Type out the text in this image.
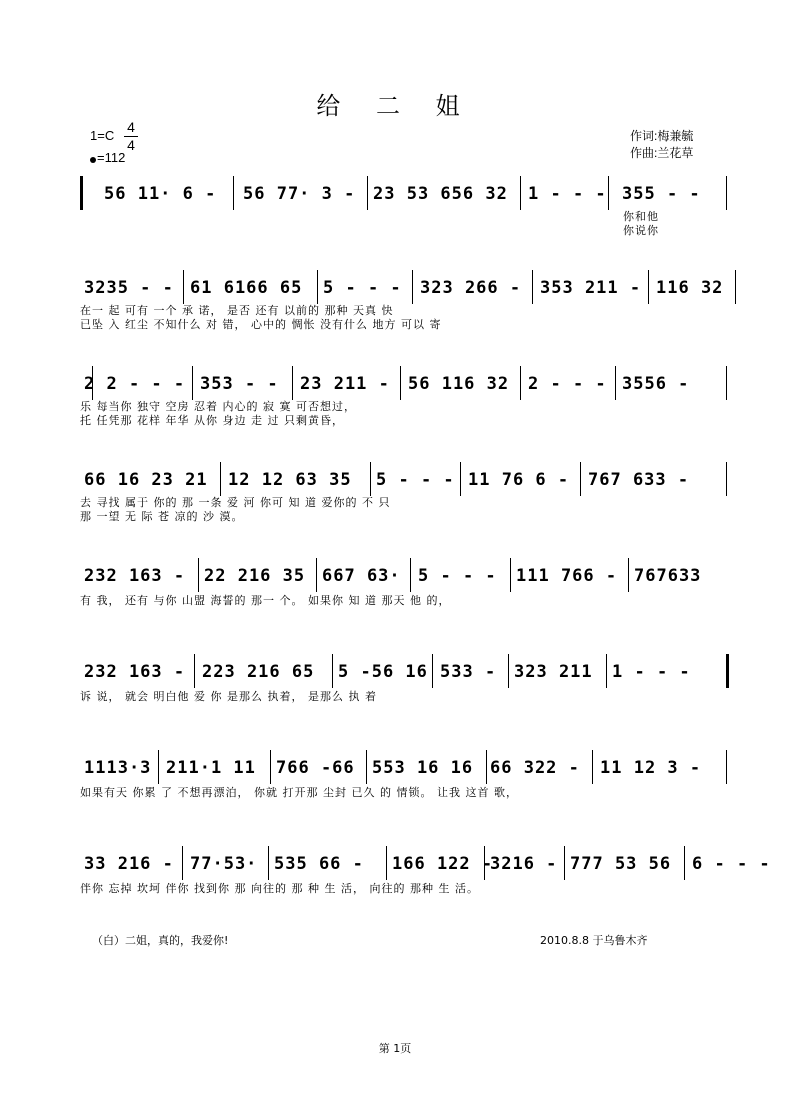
给 二 姐
1=C
4
4
=112
作词:梅兼毓
作曲:兰花草
56 11· 6 - 56 77· 3 - 23 53 656 32 1 - - - 355 - -
你和他
你说你
3235 - - 61 6166 65 5 - - - 323 266 - 353 211 - 116 32
在一 起 可有 一个 承 诺， 是否 还有 以前的 那种 天真 快
已坠 入 红尘 不知什么 对 错， 心中的 惆怅 没有什么 地方 可以 寄
2 2 - - - 353 - - 23 211 - 56 116 32 2 - - - 3556 -
乐 每当你 独守 空房 忍着 内心的 寂 寞 可否想过，
托 任凭那 花样 年华 从你 身边 走 过 只剩黄昏，
66 16 23 21 12 12 63 35 5 - - - 11 76 6 - 767 633 -
去 寻找 属于 你的 那 一条 爱 河 你可 知 道 爱你的 不 只
那 一望 无 际 苍 凉的 沙 漠。
232 163 - 22 216 35 667 63· 5 - - - 111 766 - 767633
有 我， 还有 与你 山盟 海誓的 那一 个。 如果你 知 道 那天 他 的，
232 163 - 223 216 65 5 -56 16 533 - 323 211 1 - - -
诉 说， 就会 明白他 爱 你 是那么 执着， 是那么 执 着
1113·3 211·1 11 766 -66 553 16 16 66 322 - 11 12 3 -
如果有天 你累 了 不想再漂泊， 你就 打开那 尘封 已久 的 情锁。 让我 这首 歌，
33 216 - 77·53· 535 66 - 166 122 -
3216 - 777 53 56 6 - - -
伴你 忘掉 坎坷 伴你 找到你 那 向往的 那 种 生 活， 向往的 那种 生 活。
（白）二姐，真的，我爱你!	2010.8.8 于乌鲁木齐
第 1页
